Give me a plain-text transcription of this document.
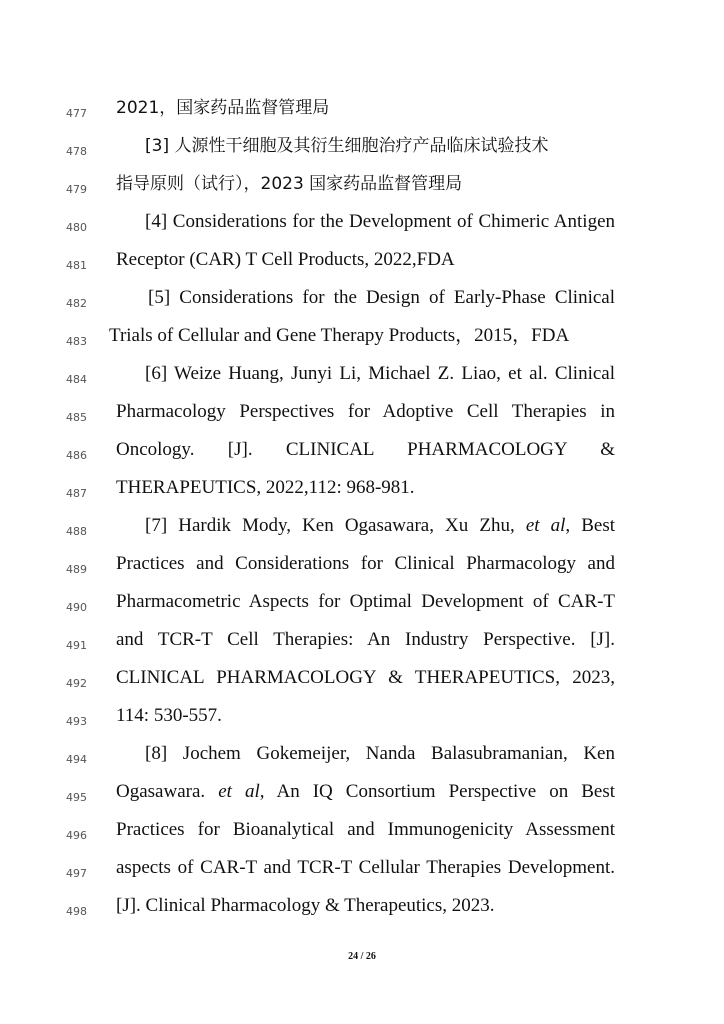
477 2021，国家药品监督管理局
478	[3] 人源性干细胞及其衍生细胞治疗产品临床试验技术
479 指导原则（试行），2023 国家药品监督管理局
480	[4] Considerations for the Development of Chimeric Antigen
481 Receptor (CAR) T Cell Products, 2022,FDA
482	[5] Considerations for the Design of Early-Phase Clinical
483 Trials of Cellular and Gene Therapy Products，2015，FDA
484	[6] Weize Huang, Junyi Li, Michael Z. Liao, et al. Clinical
485 Pharmacology Perspectives for Adoptive Cell Therapies in
486 Oncology. [J]. CLINICAL PHARMACOLOGY &
487 THERAPEUTICS, 2022,112: 968-981.
488	[7] Hardik Mody, Ken Ogasawara, Xu Zhu, et al, Best
489 Practices and Considerations for Clinical Pharmacology and
490 Pharmacometric Aspects for Optimal Development of CAR-T
491 and TCR-T Cell Therapies: An Industry Perspective. [J].
492 CLINICAL PHARMACOLOGY & THERAPEUTICS, 2023,
493 114: 530-557.
494	[8] Jochem Gokemeijer, Nanda Balasubramanian, Ken
495 Ogasawara. et al, An IQ Consortium Perspective on Best
496 Practices for Bioanalytical and Immunogenicity Assessment
497 aspects of CAR-T and TCR-T Cellular Therapies Development.
498 [J]. Clinical Pharmacology & Therapeutics, 2023.
24 / 26
